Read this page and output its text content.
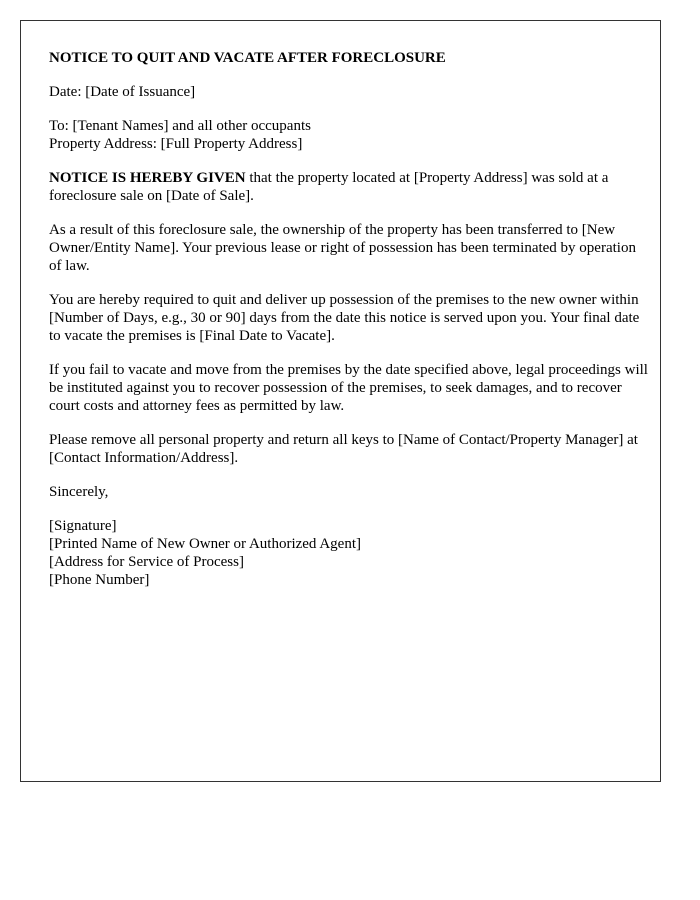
NOTICE TO QUIT AND VACATE AFTER FORECLOSURE

Date: [Date of Issuance]

To: [Tenant Names] and all other occupants
Property Address: [Full Property Address]

NOTICE IS HEREBY GIVEN that the property located at [Property Address] was sold at a foreclosure sale on [Date of Sale].

As a result of this foreclosure sale, the ownership of the property has been transferred to [New Owner/Entity Name]. Your previous lease or right of possession has been terminated by operation of law.

You are hereby required to quit and deliver up possession of the premises to the new owner within [Number of Days, e.g., 30 or 90] days from the date this notice is served upon you. Your final date to vacate the premises is [Final Date to Vacate].

If you fail to vacate and move from the premises by the date specified above, legal proceedings will be instituted against you to recover possession of the premises, to seek damages, and to recover court costs and attorney fees as permitted by law.

Please remove all personal property and return all keys to [Name of Contact/Property Manager] at [Contact Information/Address].

Sincerely,

[Signature]
[Printed Name of New Owner or Authorized Agent]
[Address for Service of Process]
[Phone Number]
